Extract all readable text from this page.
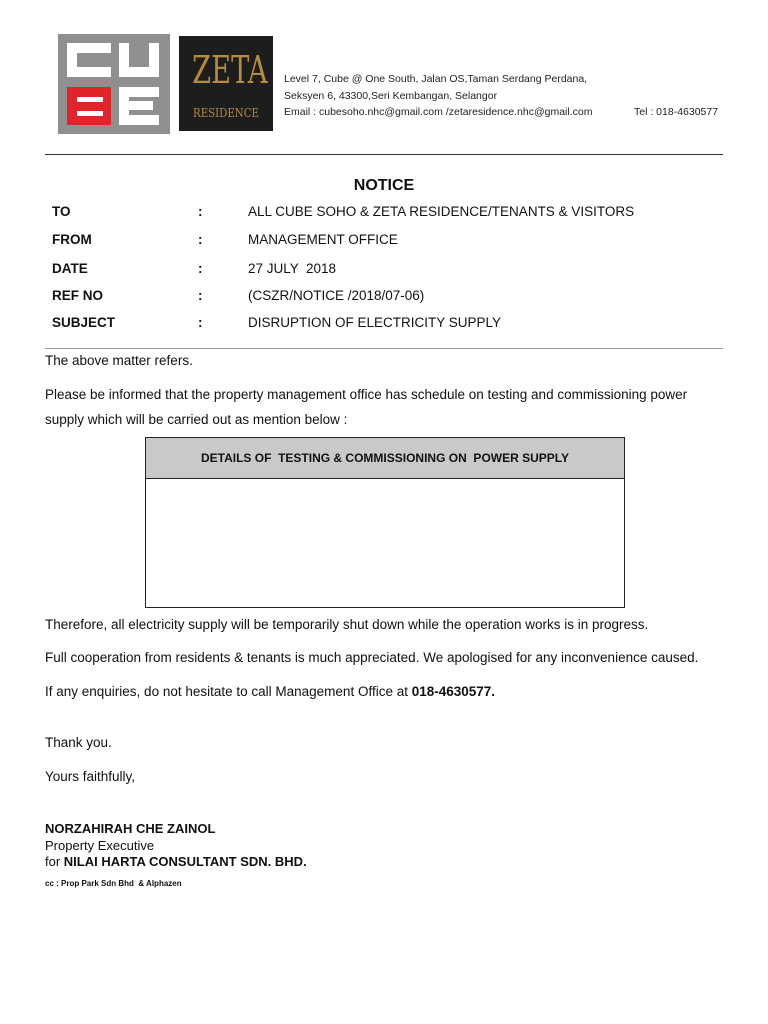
ZETA
RESIDENCE
Level 7, Cube @ One South, Jalan OS,Taman Serdang Perdana,
Seksyen 6, 43300,Seri Kembangan, Selangor
Email : cubesoho.nhc@gmail.com /zetaresidence.nhc@gmail.com	Tel : 018-4630577
NOTICE
TO	:	ALL CUBE SOHO & ZETA RESIDENCE/TENANTS & VISITORS
FROM	:	MANAGEMENT OFFICE
DATE	:	27 JULY  2018
REF NO	:	(CSZR/NOTICE /2018/07-06)
SUBJECT	:	DISRUPTION OF ELECTRICITY SUPPLY
The above matter refers.
Please be informed that the property management office has schedule on testing and commissioning power
supply which will be carried out as mention below :
DETAILS OF  TESTING & COMMISSIONING ON  POWER SUPPLY
Therefore, all electricity supply will be temporarily shut down while the operation works is in progress.
Full cooperation from residents & tenants is much appreciated. We apologised for any inconvenience caused.
If any enquiries, do not hesitate to call Management Office at 018-4630577.
Thank you.
Yours faithfully,
NORZAHIRAH CHE ZAINOL
Property Executive
for NILAI HARTA CONSULTANT SDN. BHD.
cc : Prop Park Sdn Bhd  & Alphazen
